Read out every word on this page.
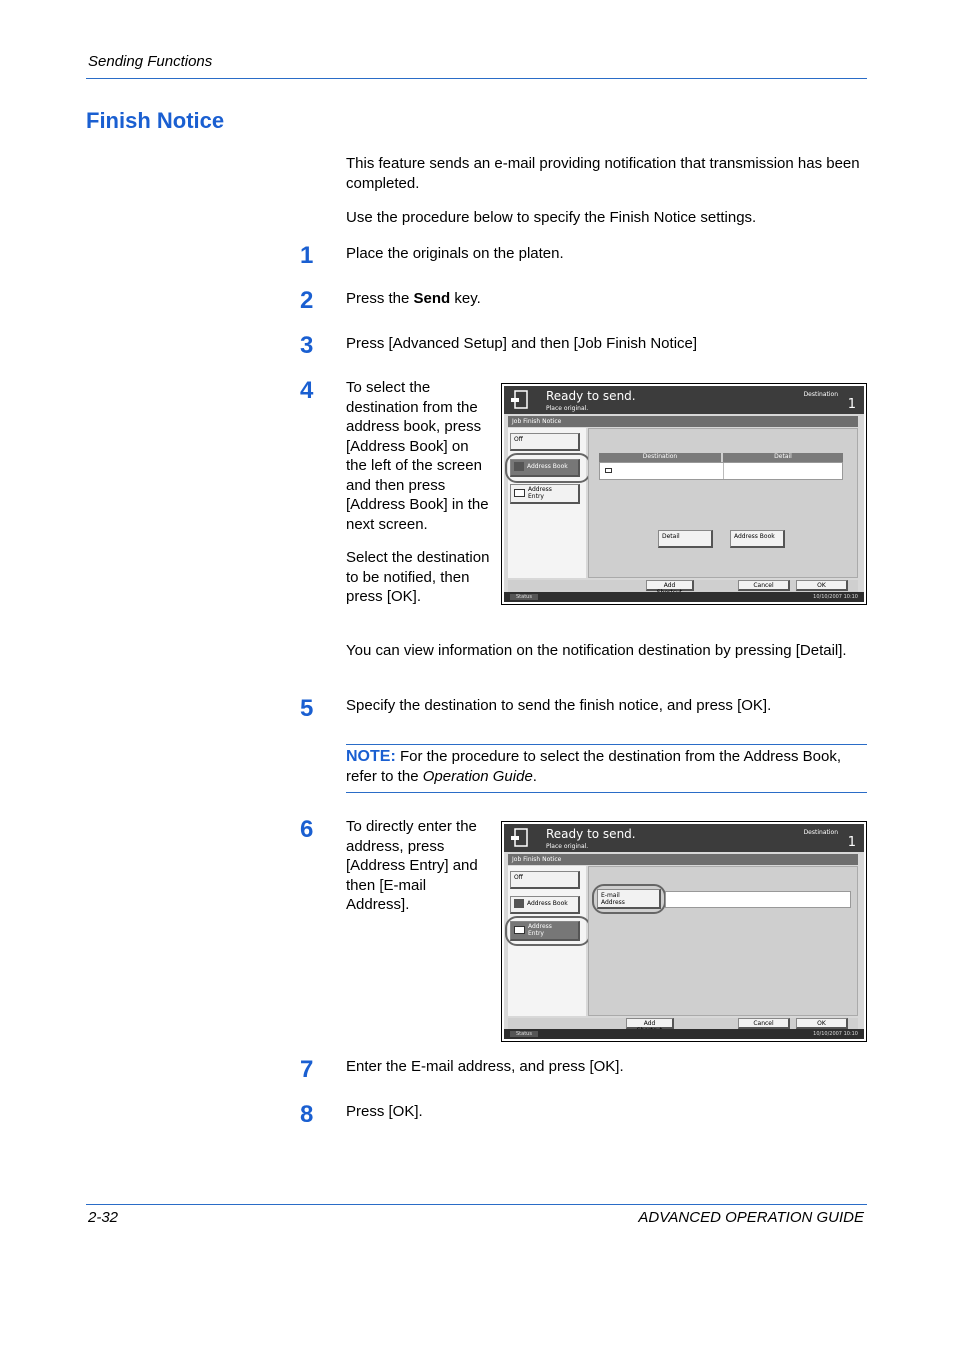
Sending Functions
Finish Notice
This feature sends an e-mail providing notification that transmission has been completed.
Use the procedure below to specify the Finish Notice settings.
1 Place the originals on the platen.
2 Press the Send key.
3 Press [Advanced Setup] and then [Job Finish Notice]
4 To select the destination from the address book, press [Address Book] on the left of the screen and then press [Address Book] in the next screen.
Select the destination to be notified, then press [OK].
You can view information on the notification destination by pressing [Detail].
Ready to send.
Place original.
Destination
1
Job Finish Notice
Off
Address Book
Address
Entry
Destination	Detail
Detail	Address Book
Add	Cancel	OK
Status	10/10/2007 10:10
5 Specify the destination to send the finish notice, and press [OK].
NOTE: For the procedure to select the destination from the Address Book, refer to the Operation Guide.
6 To directly enter the address, press [Address Entry] and then [E-mail Address].
Ready to send.
Place original.
Destination
1
Job Finish Notice
Off
Address Book
Address
Entry
E-mail
Address
Add	Cancel	OK
Status	10/10/2007 10:10
7 Enter the E-mail address, and press [OK].
8 Press [OK].
2-32	ADVANCED OPERATION GUIDE
